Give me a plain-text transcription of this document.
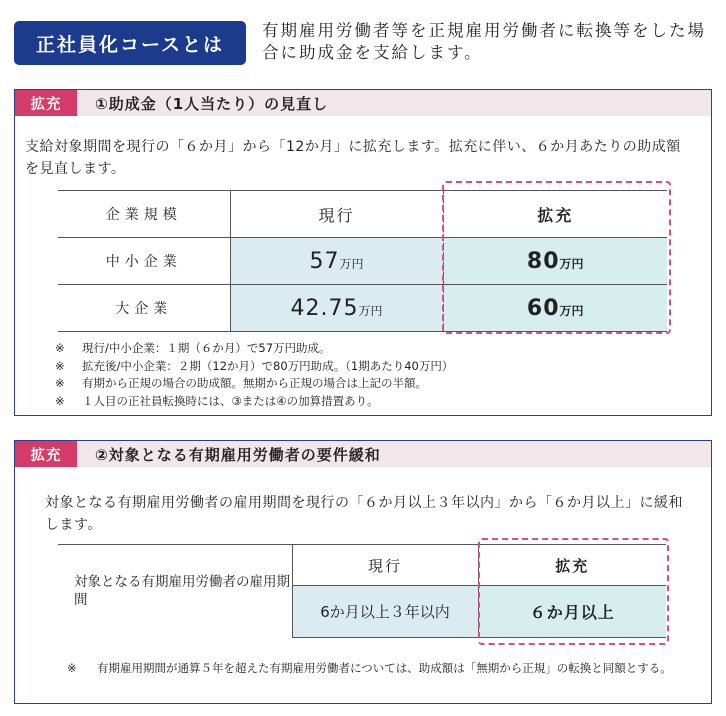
正社員化コースとは
有期雇用労働者等を正規雇用労働者に転換等をした場合に助成金を支給します。
拡充	①助成金（1人当たり）の見直し
支給対象期間を現行の「６か月」から「12か月」に拡充します。拡充に伴い、６か月あたりの助成額を見直します。
企業規模	現行	拡充
中小企業	57万円	80万円
大企業	42.75万円	60万円
※	現行/中小企業：１期（６か月）で57万円助成。
※	拡充後/中小企業：２期（12か月）で80万円助成。（1期あたり40万円）
※	有期から正規の場合の助成額。無期から正規の場合は上記の半額。
※	１人目の正社員転換時には、③または④の加算措置あり。
拡充	②対象となる有期雇用労働者の要件緩和
対象となる有期雇用労働者の雇用期間を現行の「６か月以上３年以内」から「６か月以上」に緩和します。
対象となる有期雇用労働者の雇用期間	現行	拡充
	6か月以上３年以内	６か月以上
※	有期雇用期間が通算５年を超えた有期雇用労働者については、助成額は「無期から正規」の転換と同額とする。
